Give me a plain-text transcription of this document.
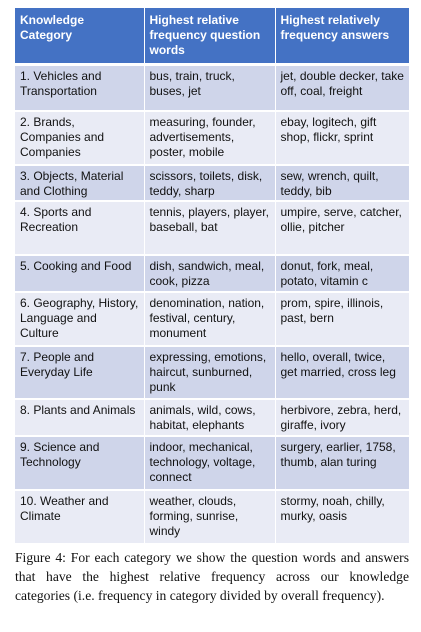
Knowledge Category	Highest relative frequency question words	Highest relatively frequency answers
1. Vehicles and Transportation	bus, train, truck, buses, jet	jet, double decker, take off, coal, freight
2. Brands, Companies and Companies	measuring, founder, advertisements, poster, mobile	ebay, logitech, gift shop, flickr, sprint
3. Objects, Material and Clothing	scissors, toilets, disk, teddy, sharp	sew, wrench, quilt, teddy, bib
4. Sports and Recreation	tennis, players, player, baseball, bat	umpire, serve, catcher, ollie, pitcher
5. Cooking and Food	dish, sandwich, meal, cook, pizza	donut, fork, meal, potato, vitamin c
6. Geography, History, Language and Culture	denomination, nation, festival, century, monument	prom, spire, illinois, past, bern
7. People and Everyday Life	expressing, emotions, haircut, sunburned, punk	hello, overall, twice, get married, cross leg
8. Plants and Animals	animals, wild, cows, habitat, elephants	herbivore, zebra, herd, giraffe, ivory
9. Science and Technology	indoor, mechanical, technology, voltage, connect	surgery, earlier, 1758, thumb, alan turing
10. Weather and Climate	weather, clouds, forming, sunrise, windy	stormy, noah, chilly, murky, oasis
Figure 4: For each category we show the question words and answers that have the highest relative frequency across our knowledge categories (i.e. frequency in category divided by overall frequency).
